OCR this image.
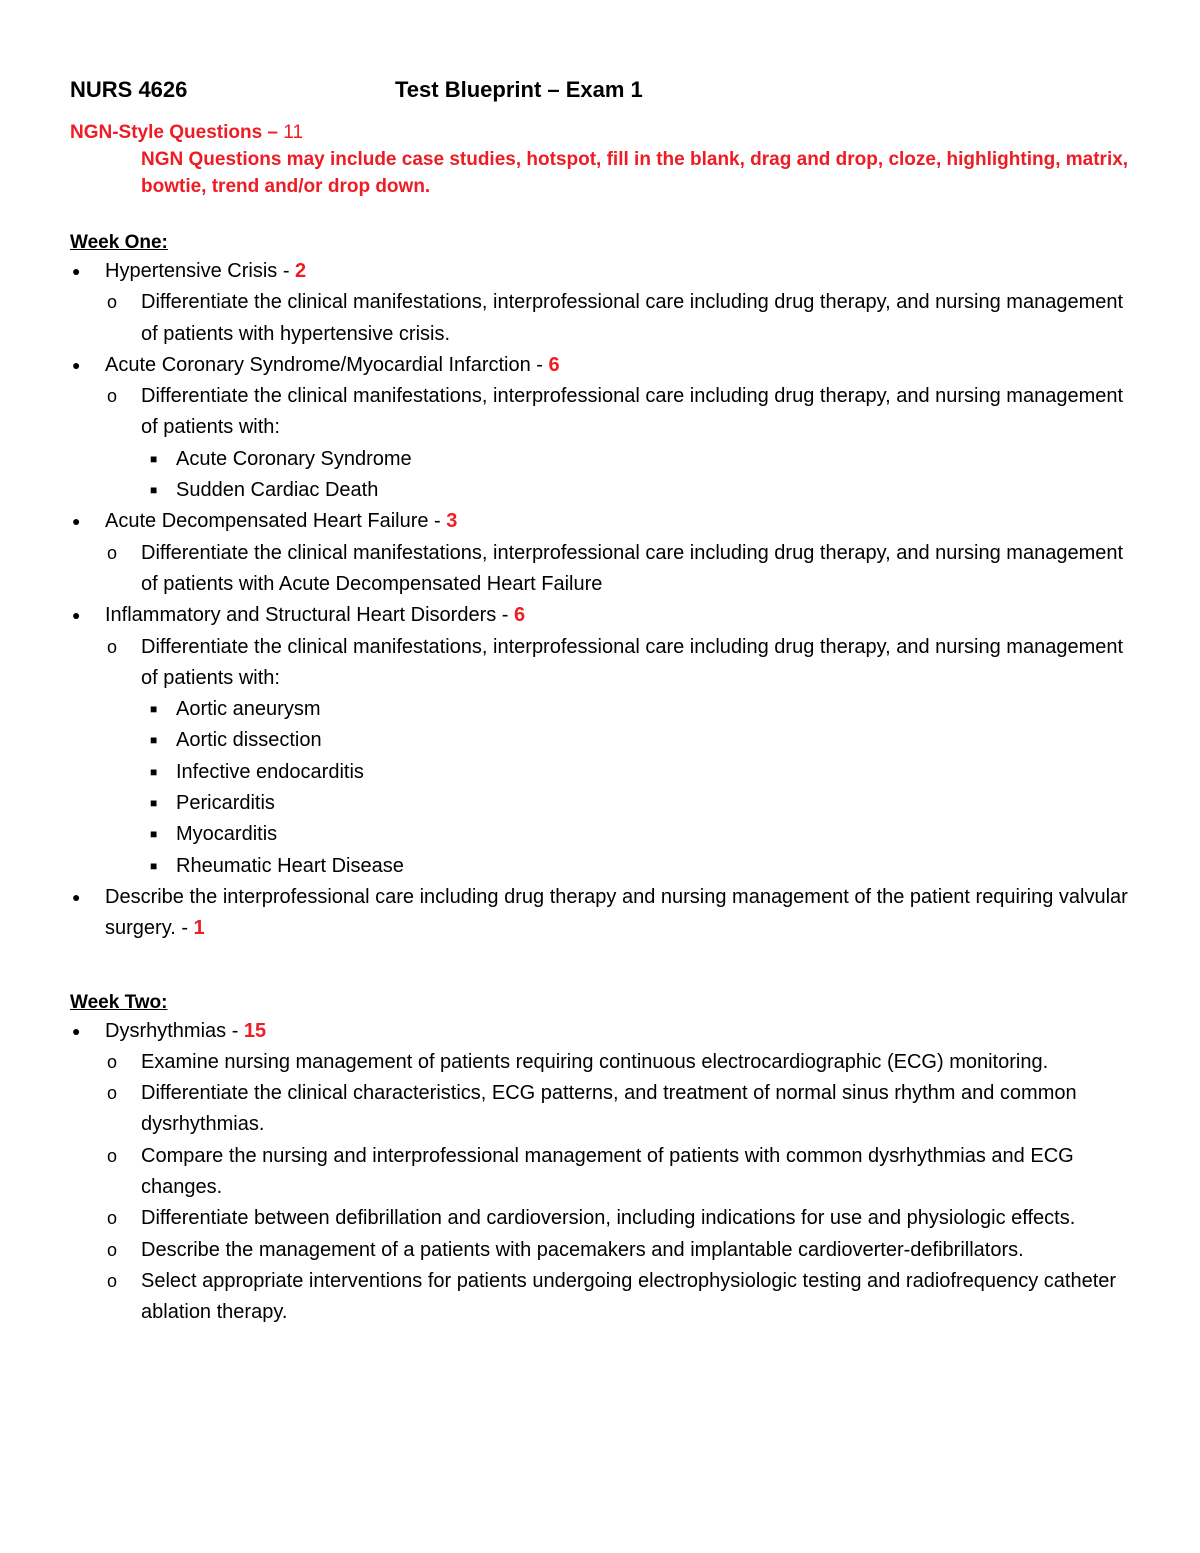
NURS 4626	Test Blueprint – Exam 1
NGN-Style Questions – 11
NGN Questions may include case studies, hotspot, fill in the blank, drag and drop, cloze, highlighting, matrix, bowtie, trend and/or drop down.
Week One:
● Hypertensive Crisis - 2
o Differentiate the clinical manifestations, interprofessional care including drug therapy, and nursing management of patients with hypertensive crisis.
● Acute Coronary Syndrome/Myocardial Infarction - 6
o Differentiate the clinical manifestations, interprofessional care including drug therapy, and nursing management of patients with:
■ Acute Coronary Syndrome
■ Sudden Cardiac Death
● Acute Decompensated Heart Failure - 3
o Differentiate the clinical manifestations, interprofessional care including drug therapy, and nursing management of patients with Acute Decompensated Heart Failure
● Inflammatory and Structural Heart Disorders - 6
o Differentiate the clinical manifestations, interprofessional care including drug therapy, and nursing management of patients with:
■ Aortic aneurysm
■ Aortic dissection
■ Infective endocarditis
■ Pericarditis
■ Myocarditis
■ Rheumatic Heart Disease
● Describe the interprofessional care including drug therapy and nursing management of the patient requiring valvular surgery. - 1
Week Two:
● Dysrhythmias - 15
o Examine nursing management of patients requiring continuous electrocardiographic (ECG) monitoring.
o Differentiate the clinical characteristics, ECG patterns, and treatment of normal sinus rhythm and common dysrhythmias.
o Compare the nursing and interprofessional management of patients with common dysrhythmias and ECG changes.
o Differentiate between defibrillation and cardioversion, including indications for use and physiologic effects.
o Describe the management of a patients with pacemakers and implantable cardioverter-defibrillators.
o Select appropriate interventions for patients undergoing electrophysiologic testing and radiofrequency catheter ablation therapy.
